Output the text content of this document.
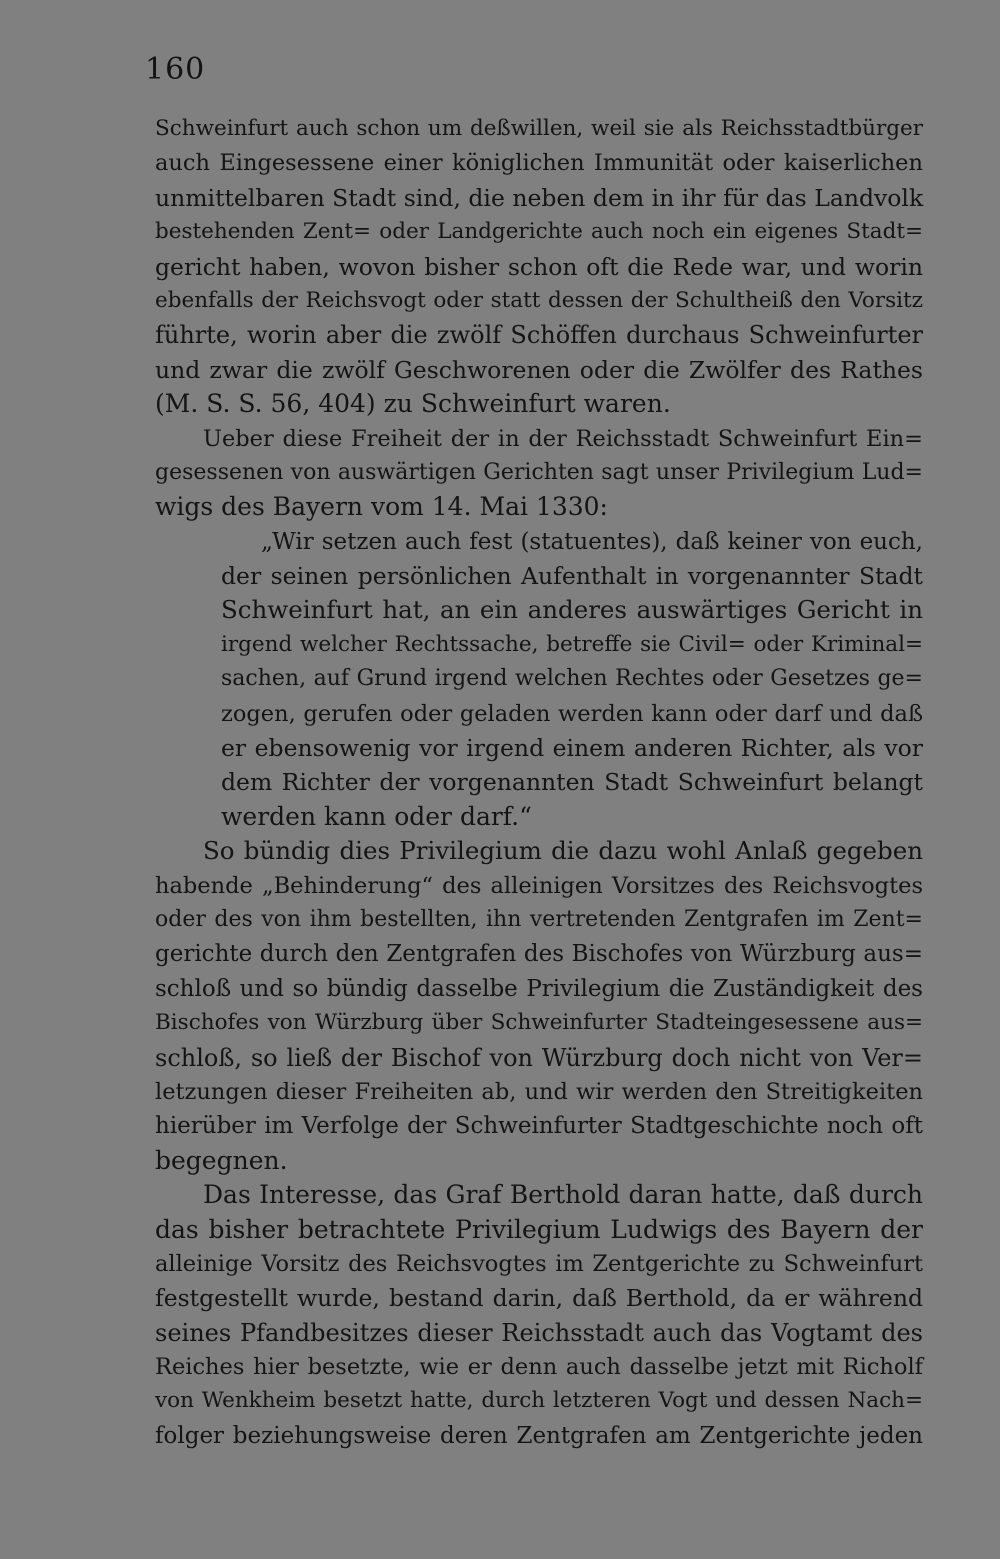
160
Schweinfurt auch schon um deßwillen, weil sie als Reichsstadtbürger
auch Eingesessene einer königlichen Immunität oder kaiserlichen
unmittelbaren Stadt sind, die neben dem in ihr für das Landvolk
bestehenden Zent= oder Landgerichte auch noch ein eigenes Stadt=
gericht haben, wovon bisher schon oft die Rede war, und worin
ebenfalls der Reichsvogt oder statt dessen der Schultheiß den Vorsitz
führte, worin aber die zwölf Schöffen durchaus Schweinfurter
und zwar die zwölf Geschworenen oder die Zwölfer des Rathes
(M. S. S. 56, 404) zu Schweinfurt waren.
Ueber diese Freiheit der in der Reichsstadt Schweinfurt Ein=
gesessenen von auswärtigen Gerichten sagt unser Privilegium Lud=
wigs des Bayern vom 14. Mai 1330:
„Wir setzen auch fest (statuentes), daß keiner von euch,
der seinen persönlichen Aufenthalt in vorgenannter Stadt
Schweinfurt hat, an ein anderes auswärtiges Gericht in
irgend welcher Rechtssache, betreffe sie Civil= oder Kriminal=
sachen, auf Grund irgend welchen Rechtes oder Gesetzes ge=
zogen, gerufen oder geladen werden kann oder darf und daß
er ebensowenig vor irgend einem anderen Richter, als vor
dem Richter der vorgenannten Stadt Schweinfurt belangt
werden kann oder darf.“
So bündig dies Privilegium die dazu wohl Anlaß gegeben
habende „Behinderung“ des alleinigen Vorsitzes des Reichsvogtes
oder des von ihm bestellten, ihn vertretenden Zentgrafen im Zent=
gerichte durch den Zentgrafen des Bischofes von Würzburg aus=
schloß und so bündig dasselbe Privilegium die Zuständigkeit des
Bischofes von Würzburg über Schweinfurter Stadteingesessene aus=
schloß, so ließ der Bischof von Würzburg doch nicht von Ver=
letzungen dieser Freiheiten ab, und wir werden den Streitigkeiten
hierüber im Verfolge der Schweinfurter Stadtgeschichte noch oft
begegnen.
Das Interesse, das Graf Berthold daran hatte, daß durch
das bisher betrachtete Privilegium Ludwigs des Bayern der
alleinige Vorsitz des Reichsvogtes im Zentgerichte zu Schweinfurt
festgestellt wurde, bestand darin, daß Berthold, da er während
seines Pfandbesitzes dieser Reichsstadt auch das Vogtamt des
Reiches hier besetzte, wie er denn auch dasselbe jetzt mit Richolf
von Wenkheim besetzt hatte, durch letzteren Vogt und dessen Nach=
folger beziehungsweise deren Zentgrafen am Zentgerichte jeden
